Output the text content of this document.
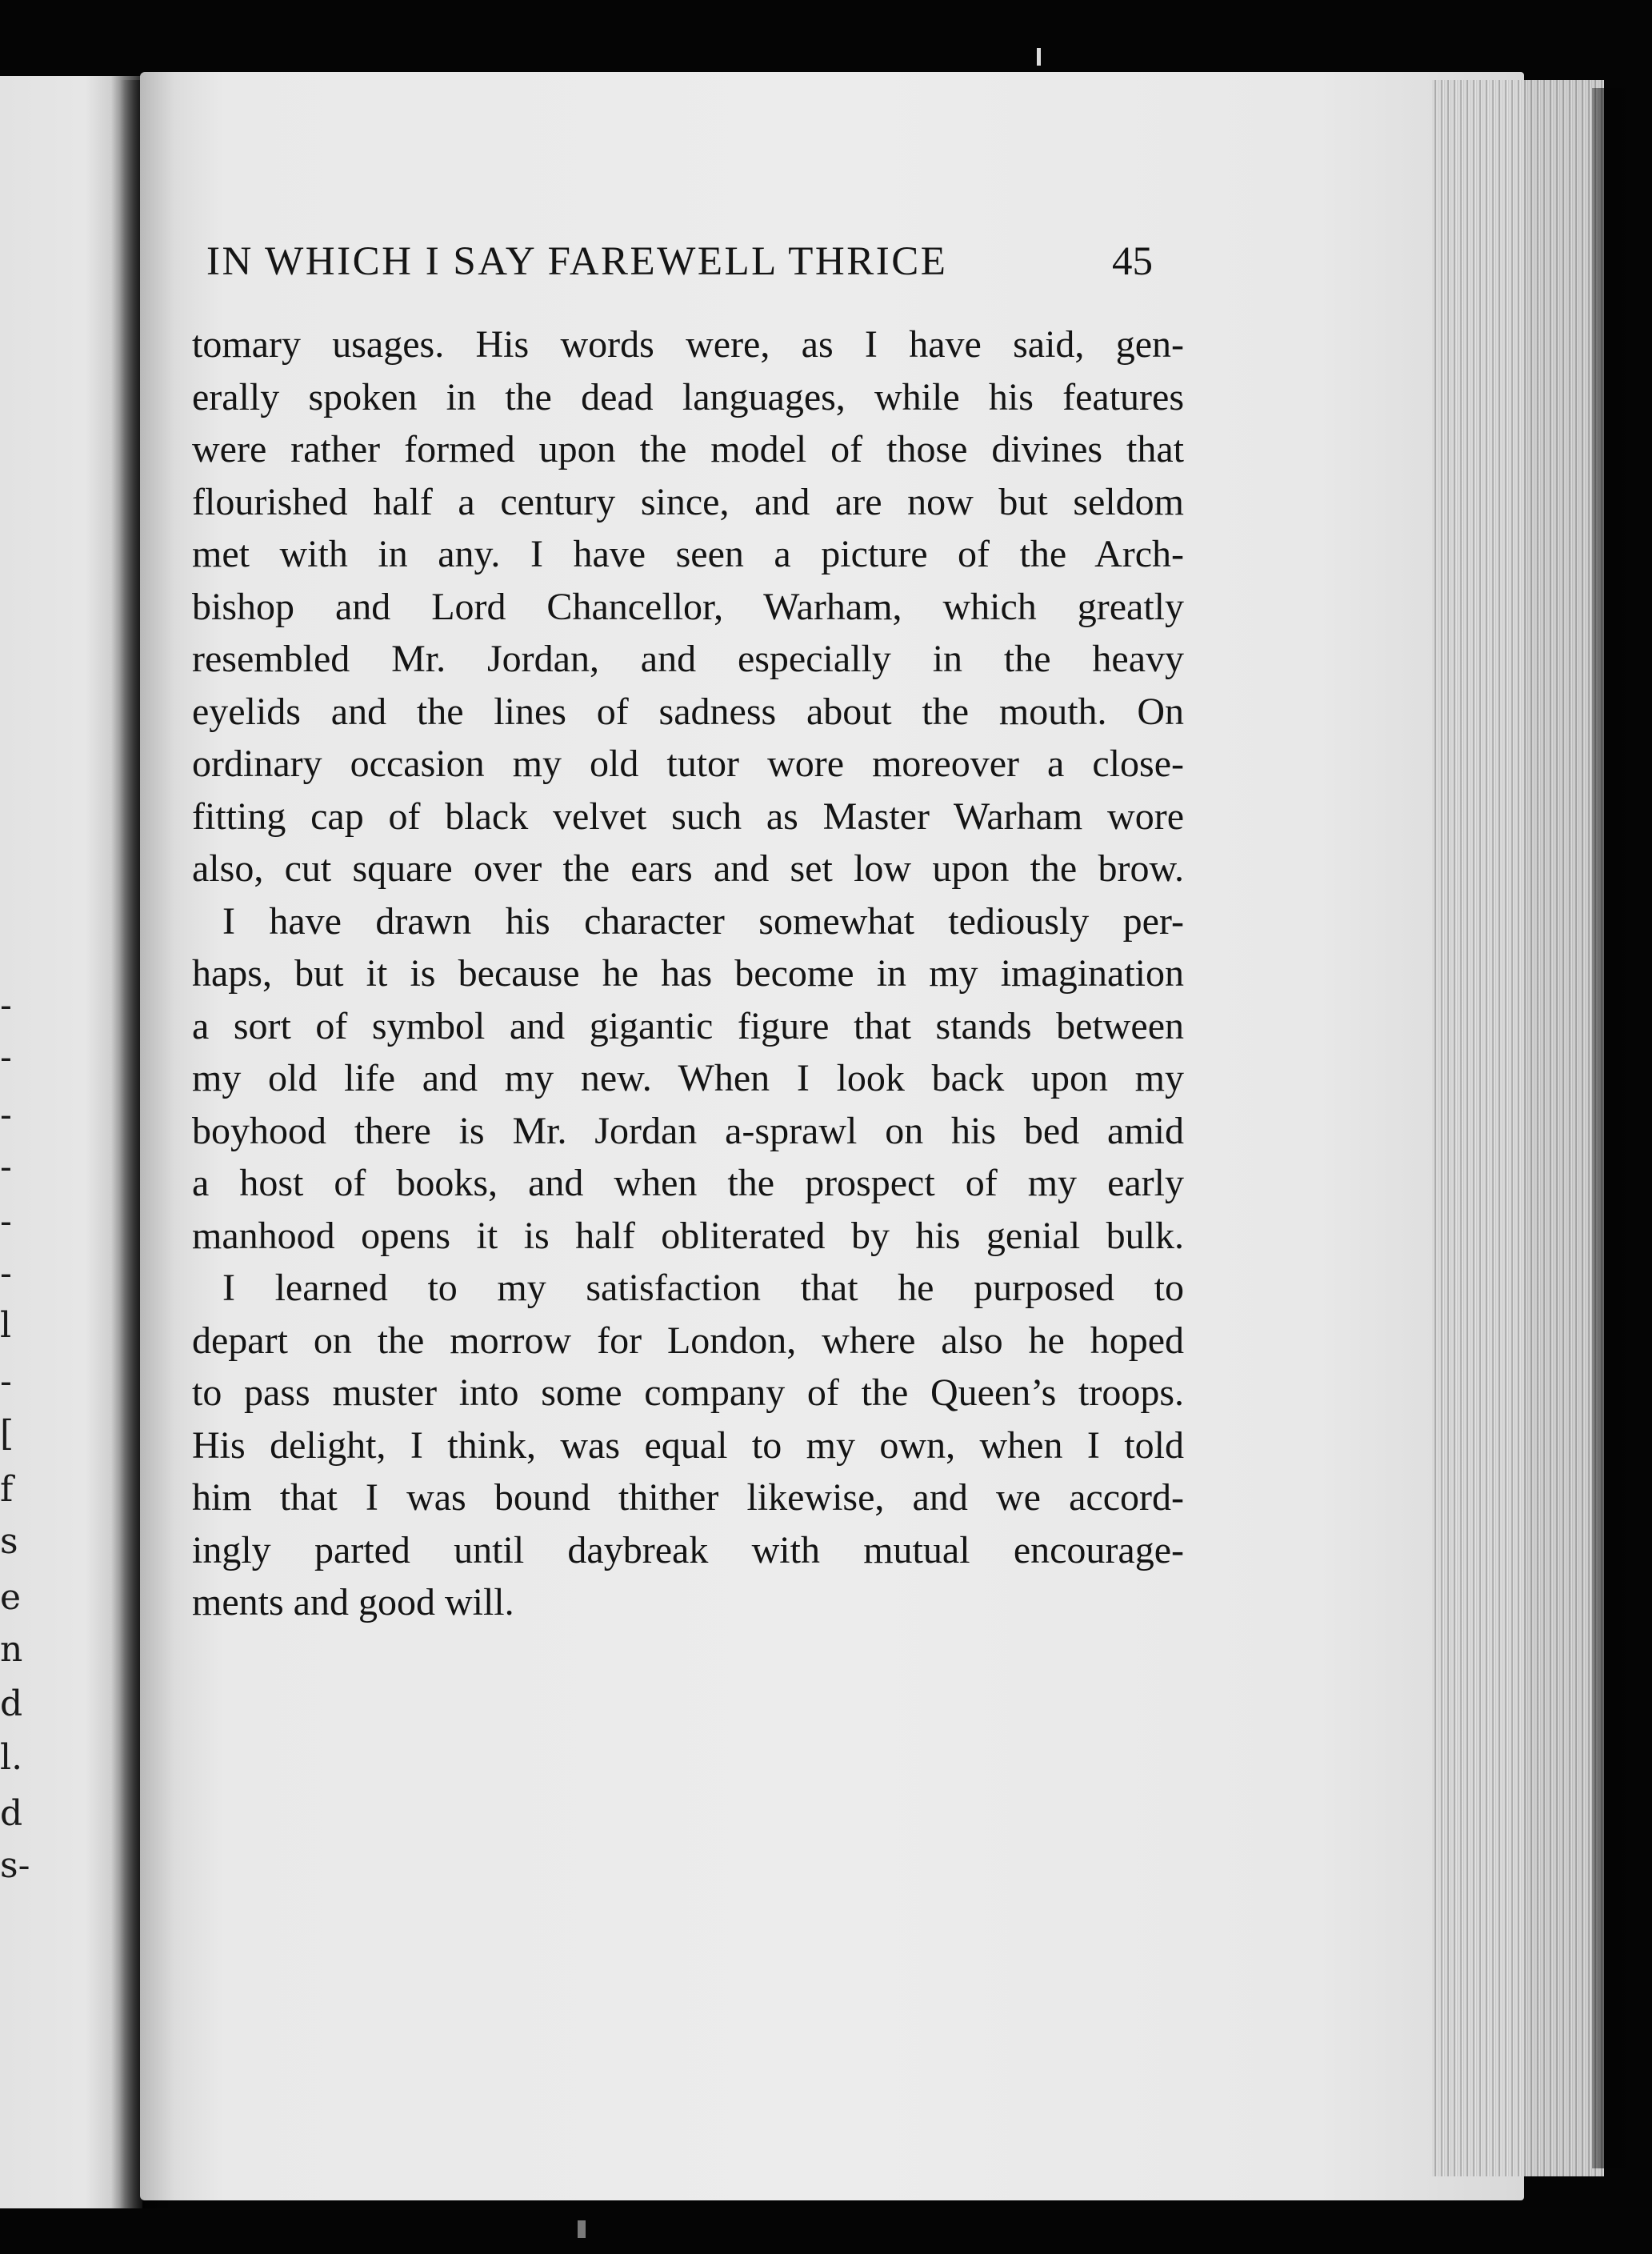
-
-
-
-
-
-
l
-
[
f
s
e
n
d
l.
d
s-
IN WHICH I SAY FAREWELL THRICE	45
tomary usages. His words were, as I have said, gen-
erally spoken in the dead languages, while his features
were rather formed upon the model of those divines that
flourished half a century since, and are now but seldom
met with in any. I have seen a picture of the Arch-
bishop and Lord Chancellor, Warham, which greatly
resembled Mr. Jordan, and especially in the heavy
eyelids and the lines of sadness about the mouth. On
ordinary occasion my old tutor wore moreover a close-
fitting cap of black velvet such as Master Warham wore
also, cut square over the ears and set low upon the brow.
I have drawn his character somewhat tediously per-
haps, but it is because he has become in my imagination
a sort of symbol and gigantic figure that stands between
my old life and my new. When I look back upon my
boyhood there is Mr. Jordan a-sprawl on his bed amid
a host of books, and when the prospect of my early
manhood opens it is half obliterated by his genial bulk.
I learned to my satisfaction that he purposed to
depart on the morrow for London, where also he hoped
to pass muster into some company of the Queen’s troops.
His delight, I think, was equal to my own, when I told
him that I was bound thither likewise, and we accord-
ingly parted until daybreak with mutual encourage-
ments and good will.
